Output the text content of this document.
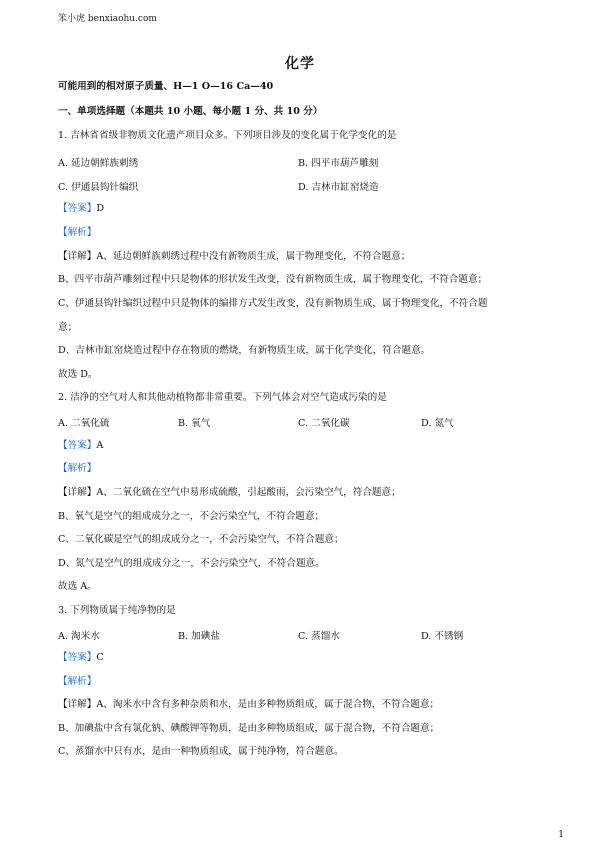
笨小虎 benxiaohu.com
化学
可能用到的相对原子质量、H—1 O—16 Ca—40
一、单项选择题（本题共 10 小题、每小题 1 分、共 10 分）
1. 吉林省省级非物质文化遗产项目众多。下列项目涉及的变化属于化学变化的是
A. 延边朝鲜族刺绣	B. 四平市葫芦雕刻
C. 伊通县钩针编织	D. 吉林市缸窑烧造
【答案】D
【解析】
【详解】A、延边朝鲜族刺绣过程中没有新物质生成，属于物理变化，不符合题意；
B、四平市葫芦雕刻过程中只是物体的形状发生改变，没有新物质生成，属于物理变化，不符合题意；
C、伊通县钩针编织过程中只是物体的编排方式发生改变，没有新物质生成，属于物理变化，不符合题
意；
D、吉林市缸窑烧造过程中存在物质的燃烧，有新物质生成，属于化学变化，符合题意。
故选 D。
2. 洁净的空气对人和其他动植物都非常重要。下列气体会对空气造成污染的是
A. 二氧化硫	B. 氧气	C. 二氧化碳	D. 氮气
【答案】A
【解析】
【详解】A、二氧化硫在空气中易形成硫酸，引起酸雨，会污染空气，符合题意；
B、氧气是空气的组成成分之一，不会污染空气，不符合题意；
C、二氧化碳是空气的组成成分之一，不会污染空气，不符合题意；
D、氮气是空气的组成成分之一，不会污染空气，不符合题意。
故选 A。
3. 下列物质属于纯净物的是
A. 淘米水	B. 加碘盐	C. 蒸馏水	D. 不锈钢
【答案】C
【解析】
【详解】A、淘米水中含有多种杂质和水，是由多种物质组成，属于混合物，不符合题意；
B、加碘盐中含有氯化钠、碘酸钾等物质，是由多种物质组成，属于混合物，不符合题意；
C、蒸馏水中只有水，是由一种物质组成，属于纯净物，符合题意。
1
